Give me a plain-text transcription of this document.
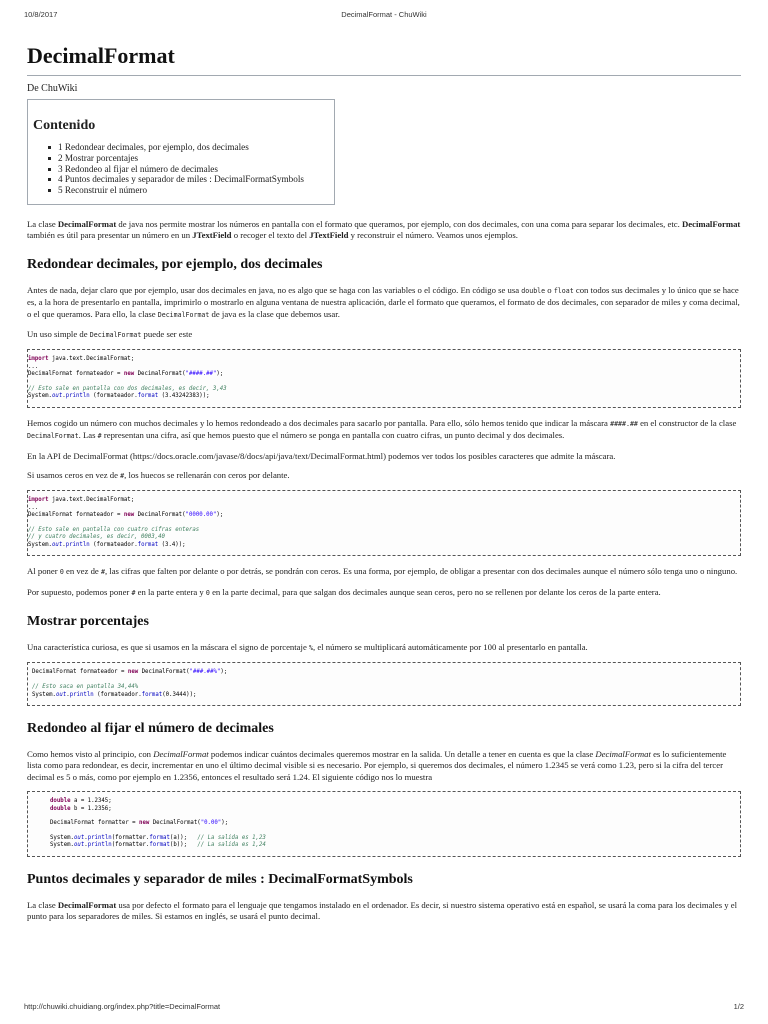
10/8/2017	DecimalFormat - ChuWiki
DecimalFormat
De ChuWiki
Contenido
1 Redondear decimales, por ejemplo, dos decimales
2 Mostrar porcentajes
3 Redondeo al fijar el número de decimales
4 Puntos decimales y separador de miles : DecimalFormatSymbols
5 Reconstruir el número

La clase DecimalFormat de java nos permite mostrar los números en pantalla con el formato que queramos, por ejemplo, con dos decimales, con una coma para separar los decimales, etc. DecimalFormat también es útil para presentar un número en un JTextField o recoger el texto del JTextField y reconstruir el número. Veamos unos ejemplos.

Redondear decimales, por ejemplo, dos decimales

Antes de nada, dejar claro que por ejemplo, usar dos decimales en java, no es algo que se haga con las variables o el código. En código se usa double o float con todos sus decimales y lo único que se hace es, a la hora de presentarlo en pantalla, imprimirlo o mostrarlo en alguna ventana de nuestra aplicación, darle el formato que queramos, el formato de dos decimales, con separador de miles y coma decimal, o el que queramos. Para ello, la clase DecimalFormat de java es la clase que debemos usar.

Un uso simple de DecimalFormat puede ser este

import java.text.DecimalFormat;
...
DecimalFormat formateador = new DecimalFormat("####.##");
// Esto sale en pantalla con dos decimales, es decir, 3,43
System.out.println (formateador.format (3.43242383));

Hemos cogido un número con muchos decimales y lo hemos redondeado a dos decimales para sacarlo por pantalla. Para ello, sólo hemos tenido que indicar la máscara ####.## en el constructor de la clase DecimalFormat. Las # representan una cifra, así que hemos puesto que el número se ponga en pantalla con cuatro cifras, un punto decimal y dos decimales.

En la API de DecimalFormat (https://docs.oracle.com/javase/8/docs/api/java/text/DecimalFormat.html) podemos ver todos los posibles caracteres que admite la máscara.

Si usamos ceros en vez de #, los huecos se rellenarán con ceros por delante.

import java.text.DecimalFormat;
...
DecimalFormat formateador = new DecimalFormat("0000.00");
// Esto sale en pantalla con cuatro cifras enteras
// y cuatro decimales, es decir, 0003,40
System.out.println (formateador.format (3.4));

Al poner 0 en vez de #, las cifras que falten por delante o por detrás, se pondrán con ceros. Es una forma, por ejemplo, de obligar a presentar con dos decimales aunque el número sólo tenga uno o ninguno.

Por supuesto, podemos poner # en la parte entera y 0 en la parte decimal, para que salgan dos decimales aunque sean ceros, pero no se rellenen por delante los ceros de la parte entera.

Mostrar porcentajes

Una característica curiosa, es que si usamos en la máscara el signo de porcentaje %, el número se multiplicará automáticamente por 100 al presentarlo en pantalla.

DecimalFormat formateador = new DecimalFormat("###.##%");
// Esto saca en pantalla 34,44%
System.out.println (formateador.format(0.3444));
Redondeo al fijar el número de decimales

Como hemos visto al principio, con DecimalFormat podemos indicar cuántos decimales queremos mostrar en la salida. Un detalle a tener en cuenta es que la clase DecimalFormat es lo suficientemente lista como para redondear, es decir, incrementar en uno el último decimal visible si es necesario. Por ejemplo, si queremos dos decimales, el número 1.2345 se verá como 1.23, pero si la cifra del tercer decimal es 5 o más, como por ejemplo en 1.2356, entonces el resultado será 1.24. El siguiente código nos lo muestra

double a = 1.2345;
double b = 1.2356;
DecimalFormat formatter = new DecimalFormat("0.00");
System.out.println(formatter.format(a));   // La salida es 1,23
System.out.println(formatter.format(b));   // La salida es 1,24
Puntos decimales y separador de miles : DecimalFormatSymbols

La clase DecimalFormat usa por defecto el formato para el lenguaje que tengamos instalado en el ordenador. Es decir, si nuestro sistema operativo está en español, se usará la coma para los decimales y el punto para los separadores de miles. Si estamos en inglés, se usará el punto decimal.

http://chuwiki.chuidiang.org/index.php?title=DecimalFormat	1/2
